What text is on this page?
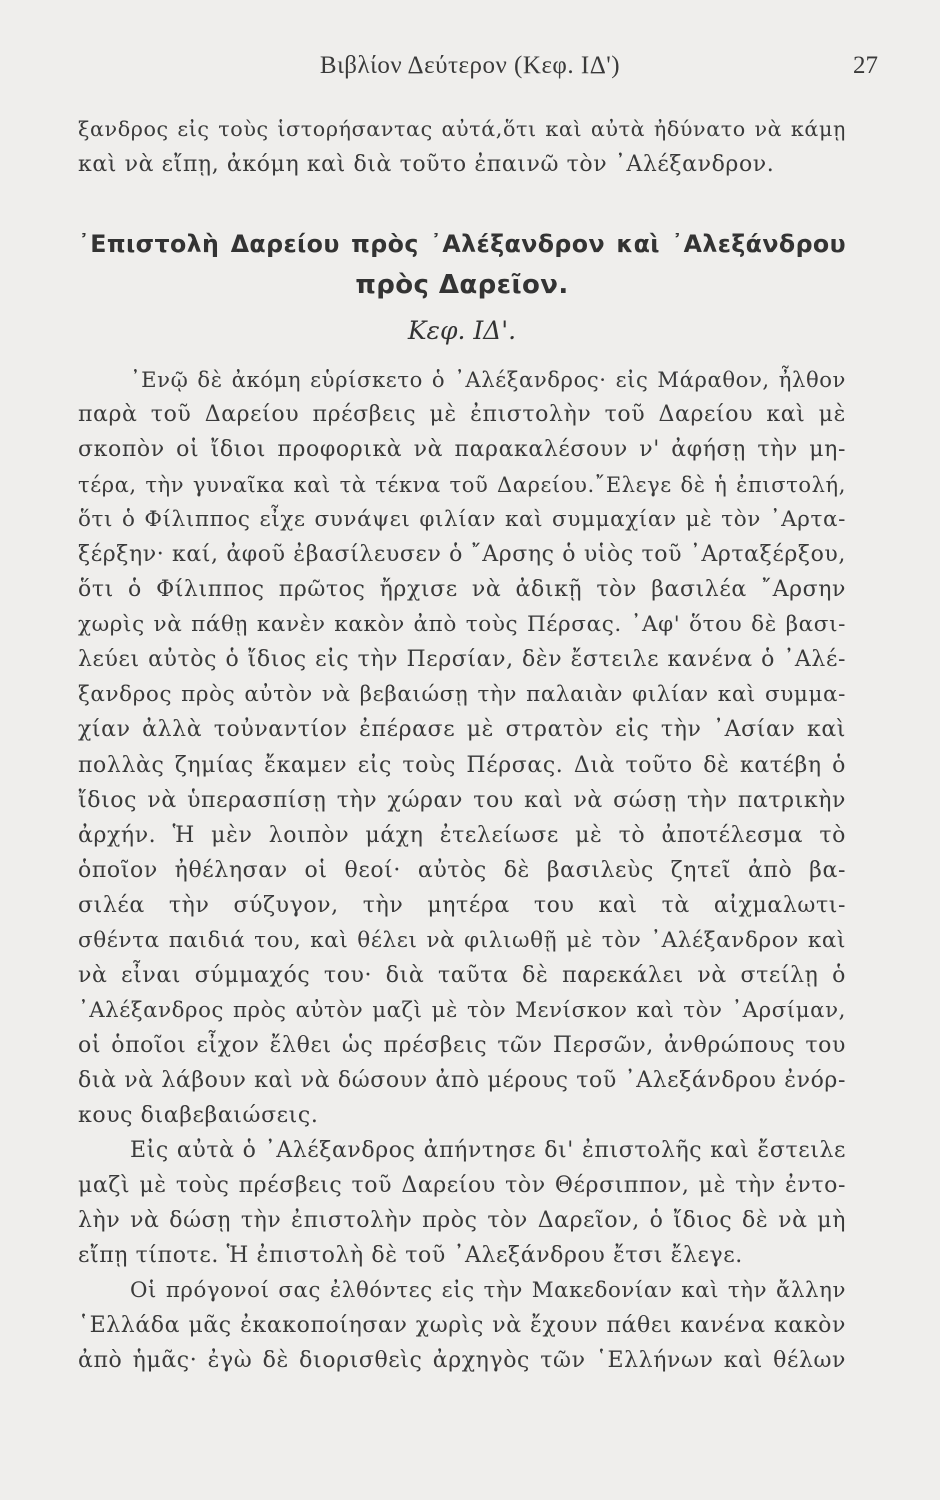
Βιβλίον Δεύτερον (Κεφ. ΙΔ')	27
ξανδρος εἰς τοὺς ἱστορήσαντας αὐτά,ὅτι καὶ αὐτὰ ἠδύνατο νὰ κάμῃ
καὶ νὰ εἴπῃ, ἀκόμη καὶ διὰ τοῦτο ἐπαινῶ τὸν ᾿Αλέξανδρον.
᾿Επιστολὴ Δαρείου πρὸς ᾿Αλέξανδρον καὶ ᾿Αλεξάνδρου
πρὸς Δαρεῖον.
Κεφ. ΙΔ'.
᾿Ενῷ δὲ ἀκόμη εὑρίσκετο ὁ ᾿Αλέξανδρος· εἰς Μάραθον, ἦλθον
παρὰ τοῦ Δαρείου πρέσβεις μὲ ἐπιστολὴν τοῦ Δαρείου καὶ μὲ
σκοπὸν οἱ ἴδιοι προφορικὰ νὰ παρακαλέσουν ν' ἀφήσῃ τὴν μη-
τέρα, τὴν γυναῖκα καὶ τὰ τέκνα τοῦ Δαρείου.῎Ελεγε δὲ ἡ ἐπιστολή,
ὅτι ὁ Φίλιππος εἶχε συνάψει φιλίαν καὶ συμμαχίαν μὲ τὸν ᾿Αρτα-
ξέρξην· καί, ἀφοῦ ἐβασίλευσεν ὁ ῎Αρσης ὁ υἱὸς τοῦ ᾿Αρταξέρξου,
ὅτι ὁ Φίλιππος πρῶτος ἤρχισε νὰ ἀδικῇ τὸν βασιλέα ῎Αρσην
χωρὶς νὰ πάθῃ κανὲν κακὸν ἀπὸ τοὺς Πέρσας. ᾿Αφ' ὅτου δὲ βασι-
λεύει αὐτὸς ὁ ἴδιος εἰς τὴν Περσίαν, δὲν ἔστειλε κανένα ὁ ᾿Αλέ-
ξανδρος πρὸς αὐτὸν νὰ βεβαιώσῃ τὴν παλαιὰν φιλίαν καὶ συμμα-
χίαν ἀλλὰ τοὐναντίον ἐπέρασε μὲ στρατὸν εἰς τὴν ᾿Ασίαν καὶ
πολλὰς ζημίας ἔκαμεν εἰς τοὺς Πέρσας. Διὰ τοῦτο δὲ κατέβη ὁ
ἴδιος νὰ ὑπερασπίσῃ τὴν χώραν του καὶ νὰ σώσῃ τὴν πατρικὴν
ἀρχήν. Ἡ μὲν λοιπὸν μάχη ἐτελείωσε μὲ τὸ ἀποτέλεσμα τὸ
ὁποῖον ἠθέλησαν οἱ θεοί· αὐτὸς δὲ βασιλεὺς ζητεῖ ἀπὸ βα-
σιλέα τὴν σύζυγον, τὴν μητέρα του καὶ τὰ αἰχμαλωτι-
σθέντα παιδιά του, καὶ θέλει νὰ φιλιωθῇ μὲ τὸν ᾿Αλέξανδρον καὶ
νὰ εἶναι σύμμαχός του· διὰ ταῦτα δὲ παρεκάλει νὰ στείλῃ ὁ
᾿Αλέξανδρος πρὸς αὐτὸν μαζὶ μὲ τὸν Μενίσκον καὶ τὸν ᾿Αρσίμαν,
οἱ ὁποῖοι εἶχον ἔλθει ὡς πρέσβεις τῶν Περσῶν, ἀνθρώπους του
διὰ νὰ λάβουν καὶ νὰ δώσουν ἀπὸ μέρους τοῦ ᾿Αλεξάνδρου ἐνόρ-
κους διαβεβαιώσεις.
Εἰς αὐτὰ ὁ ᾿Αλέξανδρος ἀπήντησε δι' ἐπιστολῆς καὶ ἔστειλε
μαζὶ μὲ τοὺς πρέσβεις τοῦ Δαρείου τὸν Θέρσιππον, μὲ τὴν ἐντο-
λὴν νὰ δώσῃ τὴν ἐπιστολὴν πρὸς τὸν Δαρεῖον, ὁ ἴδιος δὲ νὰ μὴ
εἴπῃ τίποτε. Ἡ ἐπιστολὴ δὲ τοῦ ᾿Αλεξάνδρου ἔτσι ἔλεγε.
Οἱ πρόγονοί σας ἐλθόντες εἰς τὴν Μακεδονίαν καὶ τὴν ἄλλην
῾Ελλάδα μᾶς ἐκακοποίησαν χωρὶς νὰ ἔχουν πάθει κανένα κακὸν
ἀπὸ ἡμᾶς· ἐγὼ δὲ διορισθεὶς ἀρχηγὸς τῶν ῾Ελλήνων καὶ θέλων
